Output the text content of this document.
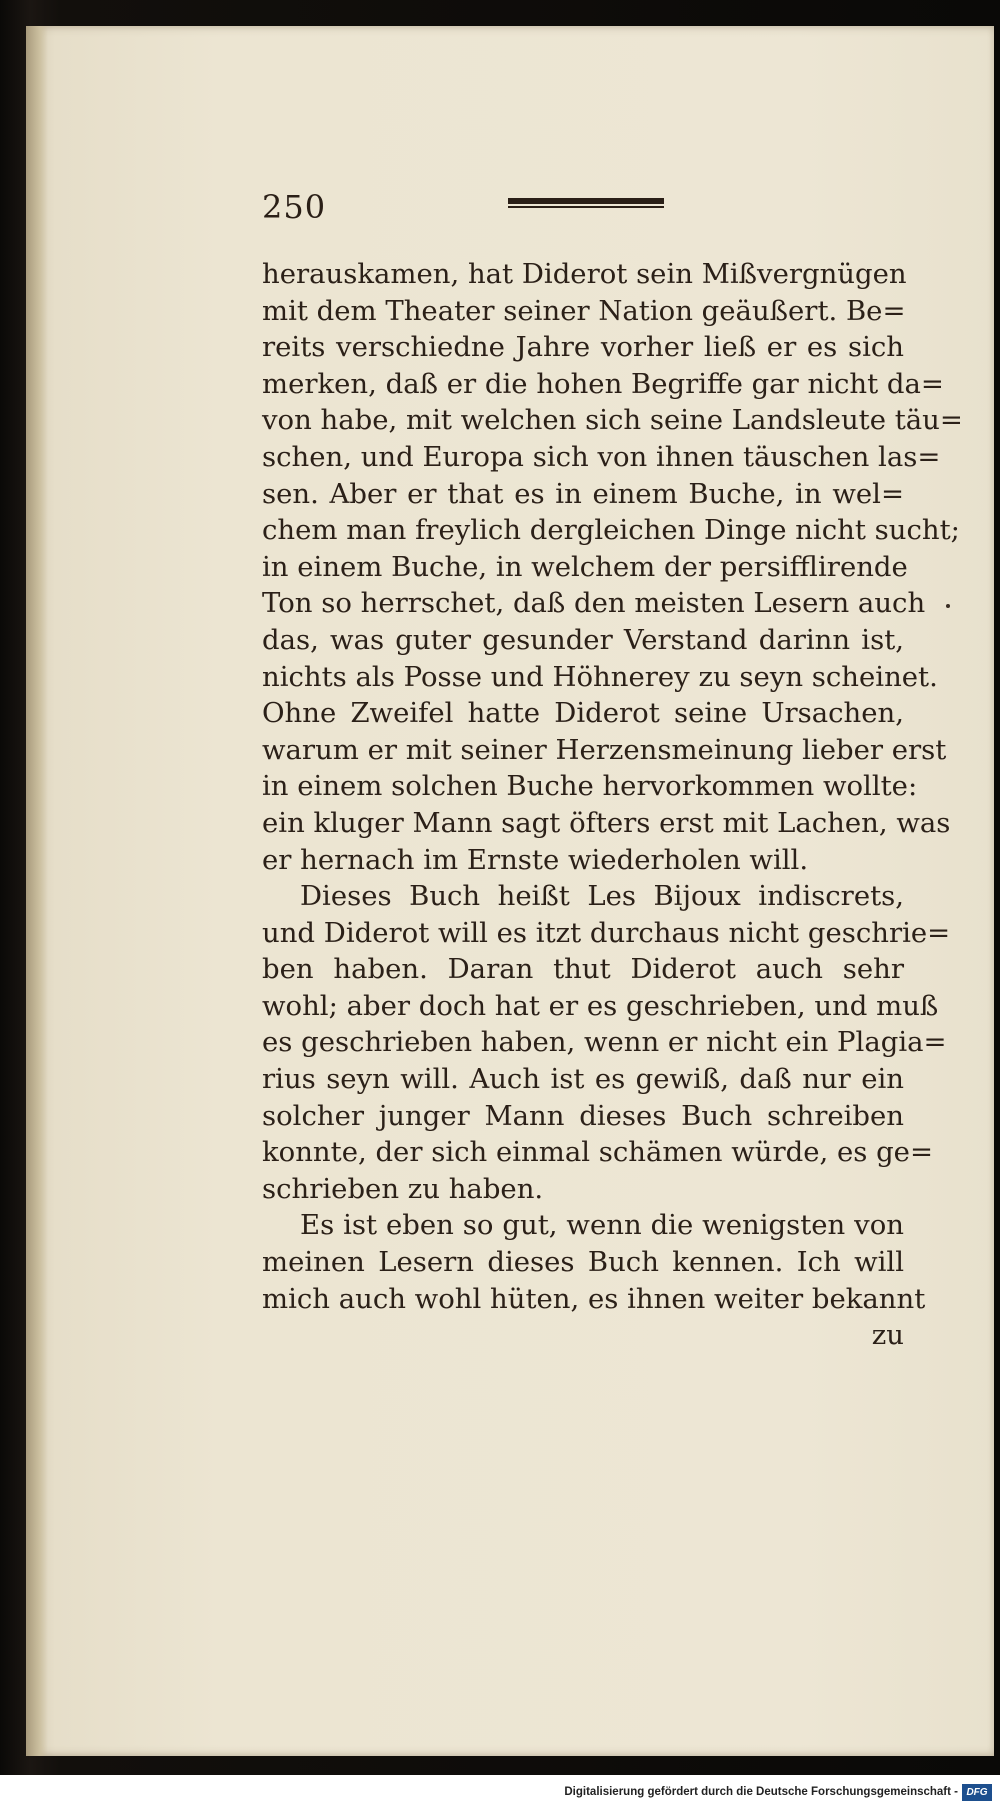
250
herauskamen, hat Diderot sein Mißvergnügen
mit dem Theater seiner Nation geäußert. Be=
reits verschiedne Jahre vorher ließ er es sich
merken, daß er die hohen Begriffe gar nicht da=
von habe, mit welchen sich seine Landsleute täu=
schen, und Europa sich von ihnen täuschen las=
sen. Aber er that es in einem Buche, in wel=
chem man freylich dergleichen Dinge nicht sucht;
in einem Buche, in welchem der persifflirende
Ton so herrschet, daß den meisten Lesern auch
das, was guter gesunder Verstand darinn ist,
nichts als Posse und Höhnerey zu seyn scheinet.
Ohne Zweifel hatte Diderot seine Ursachen,
warum er mit seiner Herzensmeinung lieber erst
in einem solchen Buche hervorkommen wollte:
ein kluger Mann sagt öfters erst mit Lachen, was
er hernach im Ernste wiederholen will.
Dieses Buch heißt Les Bijoux indiscrets,
und Diderot will es itzt durchaus nicht geschrie=
ben haben. Daran thut Diderot auch sehr
wohl; aber doch hat er es geschrieben, und muß
es geschrieben haben, wenn er nicht ein Plagia=
rius seyn will. Auch ist es gewiß, daß nur ein
solcher junger Mann dieses Buch schreiben
konnte, der sich einmal schämen würde, es ge=
schrieben zu haben.
Es ist eben so gut, wenn die wenigsten von
meinen Lesern dieses Buch kennen. Ich will
mich auch wohl hüten, es ihnen weiter bekannt
zu
Digitalisierung gefördert durch die Deutsche Forschungsgemeinschaft - DFG
